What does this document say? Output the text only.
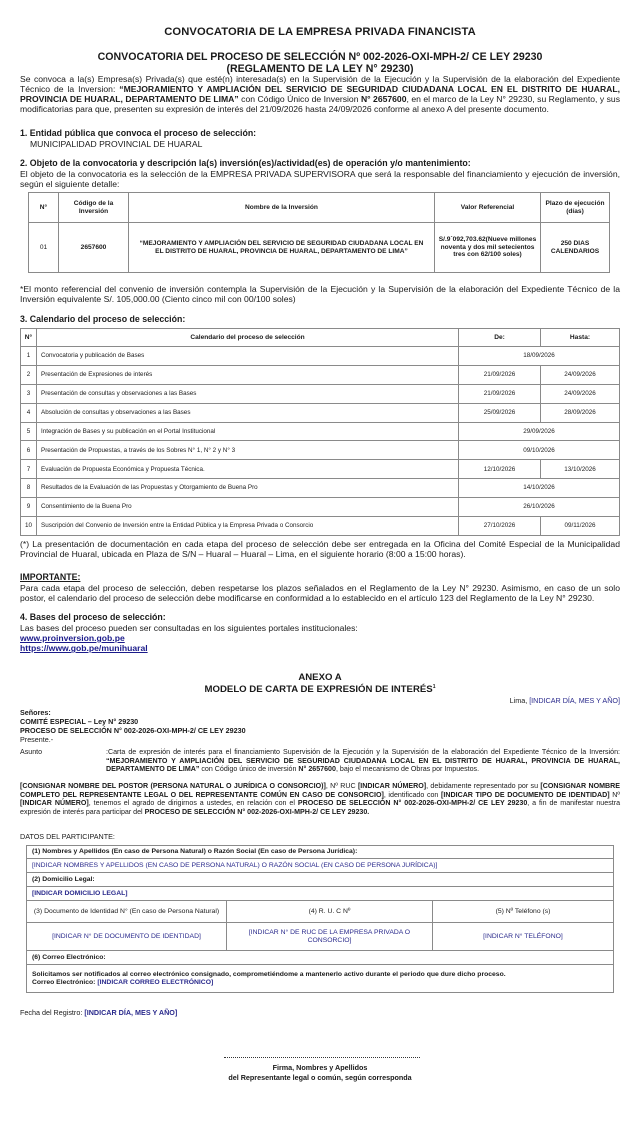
CONVOCATORIA DE LA EMPRESA PRIVADA FINANCISTA
CONVOCATORIA DEL PROCESO DE SELECCIÓN Nº 002-2026-OXI-MPH-2/ CE LEY 29230
(REGLAMENTO DE LA LEY N° 29230)
Se convoca a la(s) Empresa(s) Privada(s) que esté(n) interesada(s) en la Supervisión de la Ejecución y la Supervisión de la elaboración del Expediente Técnico de la Inversion: “MEJORAMIENTO Y AMPLIACIÓN DEL SERVICIO DE SEGURIDAD CIUDADANA LOCAL EN EL DISTRITO DE HUARAL, PROVINCIA DE HUARAL, DEPARTAMENTO DE LIMA” con Código Único de Inversion N° 2657600, en el marco de la Ley N° 29230, su Reglamento, y sus modificatorias para que, presenten su expresión de interés del 21/09/2026 hasta 24/09/2026 conforme al anexo A del presente documento.
1. Entidad pública que convoca el proceso de selección:
MUNICIPALIDAD PROVINCIAL DE HUARAL
2. Objeto de la convocatoria y descripción la(s) inversión(es)/actividad(es) de operación y/o mantenimiento:
El objeto de la convocatoria es la selección de la EMPRESA PRIVADA SUPERVISORA que será la responsable del financiamiento y ejecución de inversión, según el siguiente detalle:
N°	Código de la Inversión	Nombre de la Inversión	Valor Referencial	Plazo de ejecución (días)
01	2657600	“MEJORAMIENTO Y AMPLIACIÓN DEL SERVICIO DE SEGURIDAD CIUDADANA LOCAL EN EL DISTRITO DE HUARAL, PROVINCIA DE HUARAL, DEPARTAMENTO DE LIMA”	S/.9´092,703.62(Nueve millones noventa y dos mil setecientos tres con 62/100 soles)	250 DIAS CALENDARIOS
*El monto referencial del convenio de inversión contempla la Supervisión de la Ejecución y la Supervisión de la elaboración del Expediente Técnico de la Inversión equivalente S/. 105,000.00 (Ciento cinco mil con 00/100 soles)
3. Calendario del proceso de selección:
N°	Calendario del proceso de selección	De:	Hasta:
1	Convocatoria y publicación de Bases	18/09/2026	
2	Presentación de Expresiones de interés	21/09/2026	24/09/2026
3	Presentación de consultas y observaciones a las Bases	21/09/2026	24/09/2026
4	Absolución de consultas y observaciones a las Bases	25/09/2026	28/09/2026
5	Integración de Bases y su publicación en el Portal Institucional	29/09/2026	
6	Presentación de Propuestas, a través de los Sobres N° 1, N° 2 y N° 3	09/10/2026	
7	Evaluación de Propuesta Económica y Propuesta Técnica.	12/10/2026	13/10/2026
8	Resultados de la Evaluación de las Propuestas y Otorgamiento de Buena Pro	14/10/2026	
9	Consentimiento de la Buena Pro	26/10/2026	
10	Suscripción del Convenio de Inversión entre la Entidad Pública y la Empresa Privada o Consorcio	27/10/2026	09/11/2026
(*) La presentación de documentación en cada etapa del proceso de selección debe ser entregada en la Oficina del Comité Especial de la Municipalidad Provincial de Huaral, ubicada en Plaza de S/N – Huaral – Huaral – Lima, en el siguiente horario (8:00 a 15:00 horas).
IMPORTANTE:
Para cada etapa del proceso de selección, deben respetarse los plazos señalados en el Reglamento de la Ley N° 29230. Asimismo, en caso de un solo postor, el calendario del proceso de selección debe modificarse en conformidad a lo establecido en el artículo 123 del Reglamento de la Ley N° 29230.
4. Bases del proceso de selección:
Las bases del proceso pueden ser consultadas en los siguientes portales institucionales:
www.proinversion.gob.pe
https://www.gob.pe/munihuaral
ANEXO A
MODELO DE CARTA DE EXPRESIÓN DE INTERÉS$^1$
Lima, [INDICAR DÍA, MES Y AÑO]
Señores:
COMITÉ ESPECIAL – Ley N° 29230
PROCESO DE SELECCIÓN N° 002-2026-OXI-MPH-2/ CE LEY 29230
Presente.-
Asunto	:Carta de expresión de interés para el financiamiento Supervisión de la Ejecución y la Supervisión de la elaboración del Expediente Técnico de la Inversión: “MEJORAMIENTO Y AMPLIACIÓN DEL SERVICIO DE SEGURIDAD CIUDADANA LOCAL EN EL DISTRITO DE HUARAL, PROVINCIA DE HUARAL, DEPARTAMENTO DE LIMA” con Código único de inversión N° 2657600, bajo el mecanismo de Obras por Impuestos.
[CONSIGNAR NOMBRE DEL POSTOR (PERSONA NATURAL O JURÍDICA O CONSORCIO)], Nº RUC [INDICAR NÚMERO], debidamente representado por su [CONSIGNAR NOMBRE COMPLETO DEL REPRESENTANTE LEGAL O DEL REPRESENTANTE COMÚN EN CASO DE CONSORCIO], identificado con [INDICAR TIPO DE DOCUMENTO DE IDENTIDAD] Nº [INDICAR NÚMERO], tenemos el agrado de dirigirnos a ustedes, en relación con el PROCESO DE SELECCIÓN N° 002-2026-OXI-MPH-2/ CE LEY 29230, a fin de manifestar nuestra expresión de interés para participar del PROCESO DE SELECCIÓN N° 002-2026-OXI-MPH-2/ CE LEY 29230.
DATOS DEL PARTICIPANTE:
(1) Nombres y Apellidos (En caso de Persona Natural) o Razón Social (En caso de Persona Jurídica):		
[INDICAR NOMBRES Y APELLIDOS (EN CASO DE PERSONA NATURAL) O RAZÓN SOCIAL (EN CASO DE PERSONA JURÍDICA)]		
(2) Domicilio Legal:		
[INDICAR DOMICILIO LEGAL]		
(3) Documento de Identidad N° (En caso de Persona Natural)	(4) R. U. C Nº	(5) Nº Teléfono (s)
[INDICAR N° DE DOCUMENTO DE IDENTIDAD]	[INDICAR N° DE RUC DE LA EMPRESA PRIVADA O CONSORCIO]	[INDICAR N° TELÉFONO]
(6) Correo Electrónico:		

Solicitamos ser notificados al correo electrónico consignado, comprometiéndome a mantenerlo activo durante el periodo que dure dicho proceso.
Correo Electrónico: [INDICAR CORREO ELECTRÓNICO]		
Fecha del Registro: [INDICAR DÍA, MES Y AÑO]
Firma, Nombres y Apellidos
del Representante legal o común, según corresponda
